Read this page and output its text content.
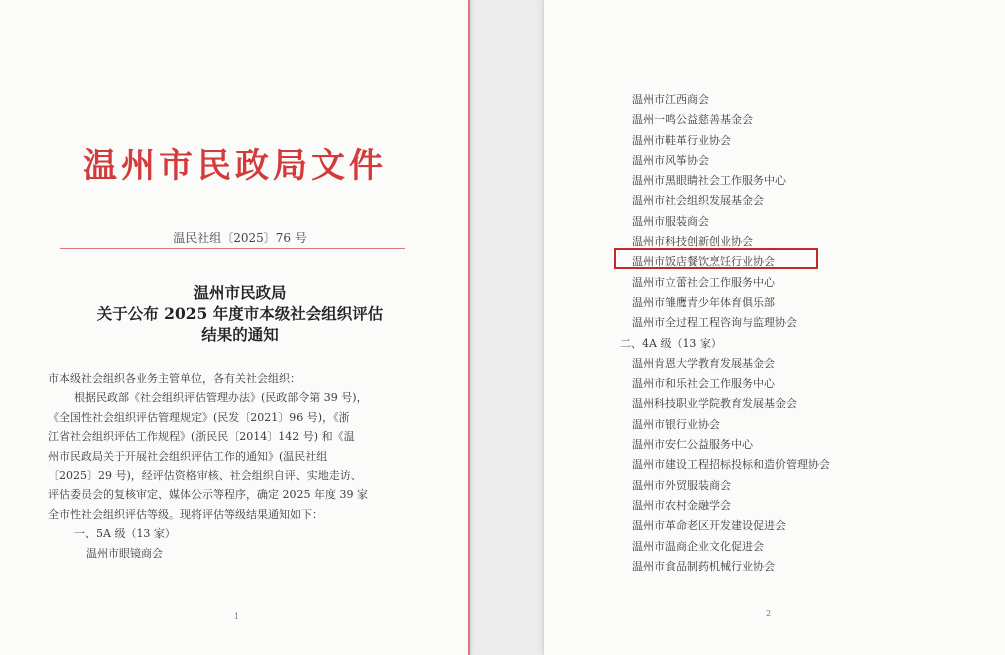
温州市民政局文件
温民社组〔2025〕76 号
温州市民政局
关于公布 2025 年度市本级社会组织评估
结果的通知
市本级社会组织各业务主管单位，各有关社会组织：
根据民政部《社会组织评估管理办法》(民政部令第 39 号)，
《全国性社会组织评估管理规定》(民发〔2021〕96 号)，《浙
江省社会组织评估工作规程》(浙民民〔2014〕142 号) 和《温
州市民政局关于开展社会组织评估工作的通知》(温民社组
〔2025〕29 号)，经评估资格审核、社会组织自评、实地走访、
评估委员会的复核审定、媒体公示等程序，确定 2025 年度 39 家
全市性社会组织评估等级。现将评估等级结果通知如下：
一、5A 级（13 家）
温州市眼镜商会
1
温州市江西商会
温州一鸣公益慈善基金会
温州市鞋革行业协会
温州市风筝协会
温州市黑眼睛社会工作服务中心
温州市社会组织发展基金会
温州市服装商会
温州市科技创新创业协会
温州市饭店餐饮烹饪行业协会
温州市立蕾社会工作服务中心
温州市雏鹰青少年体育俱乐部
温州市全过程工程咨询与监理协会
二、4A 级（13 家）
温州肯恩大学教育发展基金会
温州市和乐社会工作服务中心
温州科技职业学院教育发展基金会
温州市银行业协会
温州市安仁公益服务中心
温州市建设工程招标投标和造价管理协会
温州市外贸服装商会
温州市农村金融学会
温州市革命老区开发建设促进会
温州市温商企业文化促进会
温州市食品制药机械行业协会
2
